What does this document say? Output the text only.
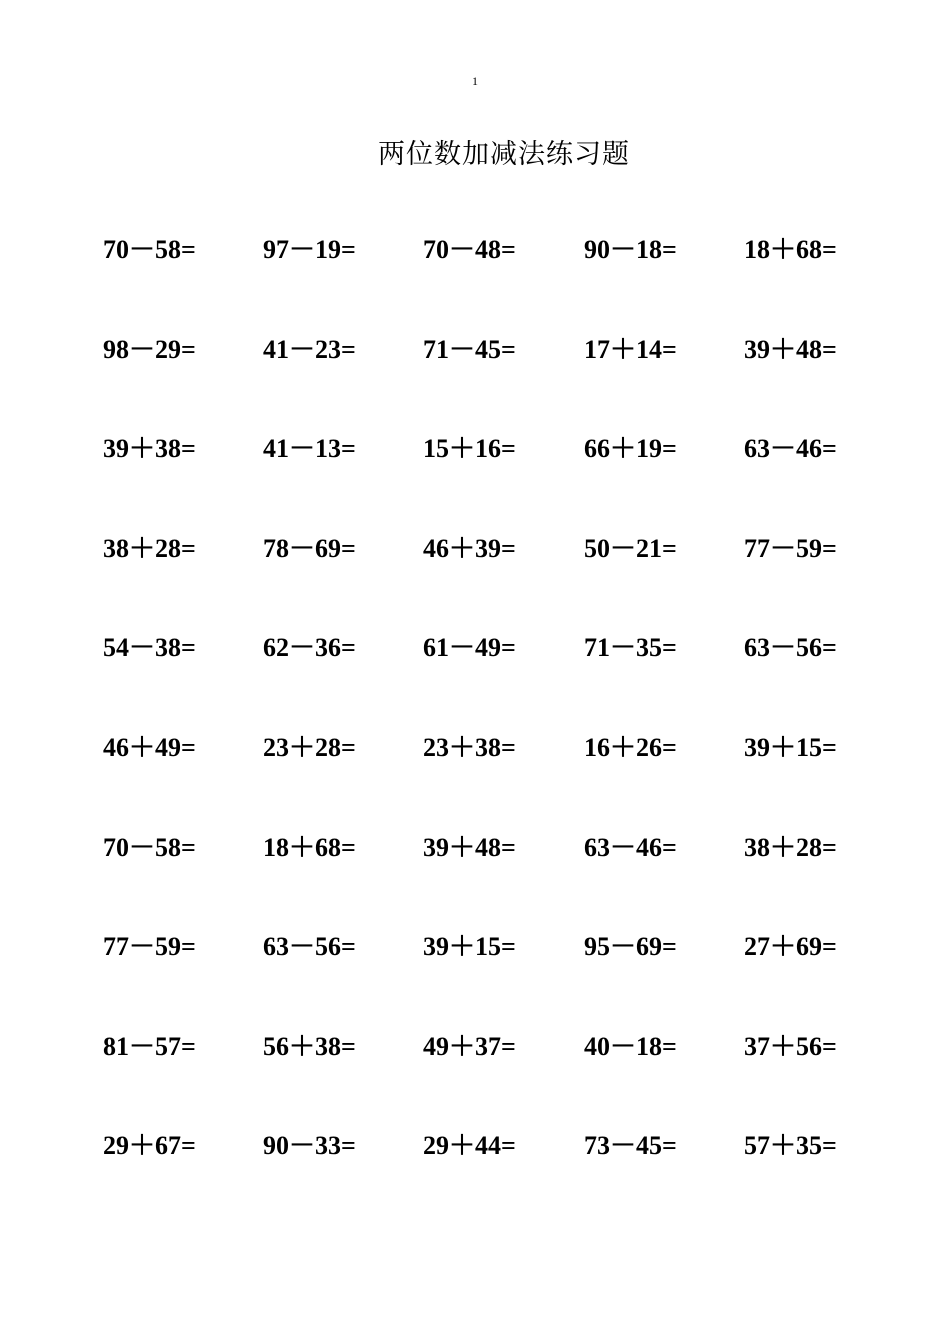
1
两位数加减法练习题
70－58=	97－19=	70－48=	90－18=	18＋68=
98－29=	41－23=	71－45=	17＋14=	39＋48=
39＋38=	41－13=	15＋16=	66＋19=	63－46=
38＋28=	78－69=	46＋39=	50－21=	77－59=
54－38=	62－36=	61－49=	71－35=	63－56=
46＋49=	23＋28=	23＋38=	16＋26=	39＋15=
70－58=	18＋68=	39＋48=	63－46=	38＋28=
77－59=	63－56=	39＋15=	95－69=	27＋69=
81－57=	56＋38=	49＋37=	40－18=	37＋56=
29＋67=	90－33=	29＋44=	73－45=	57＋35=
